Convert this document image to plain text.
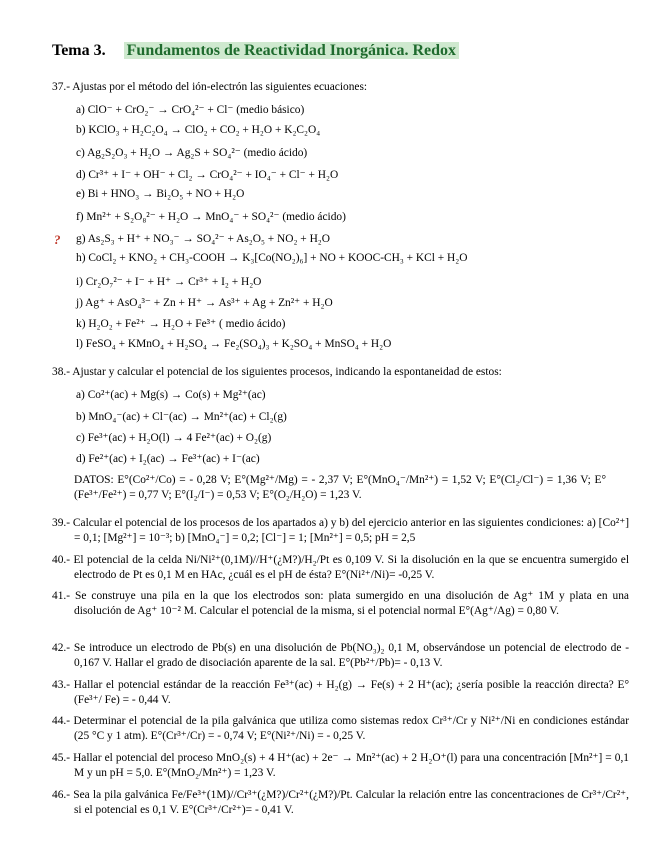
Tema 3. Fundamentos de Reactividad Inorgánica. Redox
37.- Ajustas por el método del ión-electrón las siguientes ecuaciones:
a) ClO⁻ + CrO₂⁻ → CrO₄²⁻ + Cl⁻ (medio básico)
b) KClO₃ + H₂C₂O₄ → ClO₂ + CO₂ + H₂O + K₂C₂O₄
c) Ag₂S₂O₃ + H₂O → Ag₂S + SO₄²⁻ (medio ácido)
d) Cr³⁺ + I⁻ + OH⁻ + Cl₂ → CrO₄²⁻ + IO₄⁻ + Cl⁻ + H₂O
e) Bi + HNO₃ → Bi₂O₅ + NO + H₂O
f) Mn²⁺ + S₂O₈²⁻ + H₂O → MnO₄⁻ + SO₄²⁻ (medio ácido)
? g) As₂S₃ + H⁺ + NO₃⁻ → SO₄²⁻ + As₂O₅ + NO₂ + H₂O
h) CoCl₂ + KNO₂ + CH₃-COOH → K₃[Co(NO₂)₆] + NO + KOOC-CH₃ + KCl + H₂O
i) Cr₂O₇²⁻ + I⁻ + H⁺ → Cr³⁺ + I₂ + H₂O
j) Ag⁺ + AsO₄³⁻ + Zn + H⁺ → As³⁺ + Ag + Zn²⁺ + H₂O
k) H₂O₂ + Fe²⁺ → H₂O + Fe³⁺ ( medio ácido)
l) FeSO₄ + KMnO₄ + H₂SO₄ → Fe₂(SO₄)₃ + K₂SO₄ + MnSO₄ + H₂O
38.- Ajustar y calcular el potencial de los siguientes procesos, indicando la espontaneidad de estos:
a) Co²⁺(ac) + Mg(s) → Co(s) + Mg²⁺(ac)
b) MnO₄⁻(ac) + Cl⁻(ac) → Mn²⁺(ac) + Cl₂(g)
c) Fe³⁺(ac) + H₂O(l) → 4 Fe²⁺(ac) + O₂(g)
d) Fe²⁺(ac) + I₂(ac) → Fe³⁺(ac) + I⁻(ac)
DATOS: E°(Co²⁺/Co) = - 0,28 V; E°(Mg²⁺/Mg) = - 2,37 V; E°(MnO₄⁻/Mn²⁺) = 1,52 V; E°(Cl₂/Cl⁻) = 1,36 V; E°(Fe³⁺/Fe²⁺) = 0,77 V; E°(I₂/I⁻) = 0,53 V; E°(O₂/H₂O) = 1,23 V.
39.- Calcular el potencial de los procesos de los apartados a) y b) del ejercicio anterior en las siguientes condiciones: a) [Co²⁺] = 0,1; [Mg²⁺] = 10⁻³; b) [MnO₄⁻] = 0,2; [Cl⁻] = 1; [Mn²⁺] = 0,5; pH = 2,5
40.- El potencial de la celda Ni/Ni²⁺(0,1M)//H⁺(¿M?)/H₂/Pt es 0,109 V. Si la disolución en la que se encuentra sumergido el electrodo de Pt es 0,1 M en HAc, ¿cuál es el pH de ésta? E°(Ni²⁺/Ni)= -0,25 V.
41.- Se construye una pila en la que los electrodos son: plata sumergido en una disolución de Ag⁺ 1M y plata en una disolución de Ag⁺ 10⁻² M. Calcular el potencial de la misma, si el potencial normal E°(Ag⁺/Ag) = 0,80 V.
42.- Se introduce un electrodo de Pb(s) en una disolución de Pb(NO₃)₂ 0,1 M, observándose un potencial de electrodo de - 0,167 V. Hallar el grado de disociación aparente de la sal. E°(Pb²⁺/Pb)= - 0,13 V.
43.- Hallar el potencial estándar de la reacción Fe³⁺(ac) + H₂(g) → Fe(s) + 2 H⁺(ac); ¿sería posible la reacción directa? E°(Fe³⁺/ Fe) = - 0,44 V.
44.- Determinar el potencial de la pila galvánica que utiliza como sistemas redox Cr³⁺/Cr y Ni²⁺/Ni en condiciones estándar (25 °C y 1 atm). E°(Cr³⁺/Cr) = - 0,74 V; E°(Ni²⁺/Ni) = - 0,25 V.
45.- Hallar el potencial del proceso MnO₂(s) + 4 H⁺(ac) + 2e⁻ → Mn²⁺(ac) + 2 H₂O⁺(l) para una concentración [Mn²⁺] = 0,1 M y un pH = 5,0. E°(MnO₂/Mn²⁺) = 1,23 V.
46.- Sea la pila galvánica Fe/Fe³⁺(1M)//Cr³⁺(¿M?)/Cr²⁺(¿M?)/Pt. Calcular la relación entre las concentraciones de Cr³⁺/Cr²⁺, si el potencial es 0,1 V. E°(Cr³⁺/Cr²⁺)= - 0,41 V.
